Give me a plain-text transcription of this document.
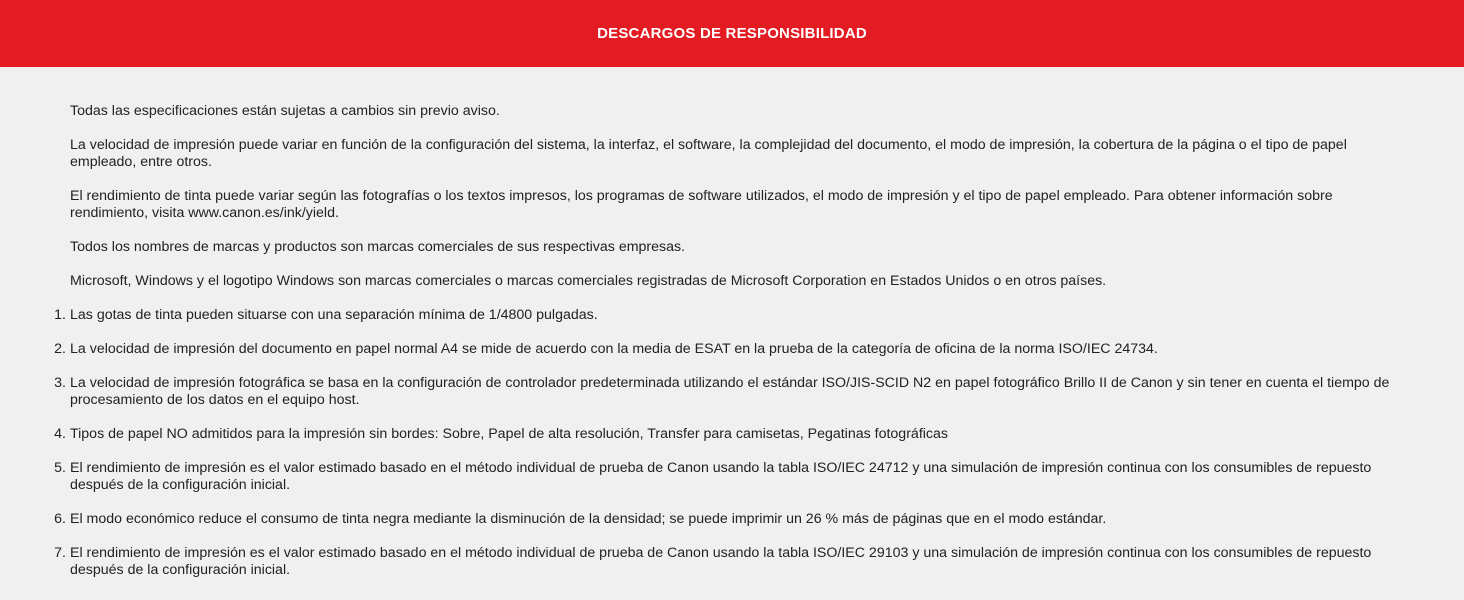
DESCARGOS DE RESPONSIBILIDAD

Todas las especificaciones están sujetas a cambios sin previo aviso.

La velocidad de impresión puede variar en función de la configuración del sistema, la interfaz, el software, la complejidad del documento, el modo de impresión, la cobertura de la página o el tipo de papel empleado, entre otros.

El rendimiento de tinta puede variar según las fotografías o los textos impresos, los programas de software utilizados, el modo de impresión y el tipo de papel empleado. Para obtener información sobre rendimiento, visita www.canon.es/ink/yield.

Todos los nombres de marcas y productos son marcas comerciales de sus respectivas empresas.

Microsoft, Windows y el logotipo Windows son marcas comerciales o marcas comerciales registradas de Microsoft Corporation en Estados Unidos o en otros países.

1. Las gotas de tinta pueden situarse con una separación mínima de 1/4800 pulgadas.
2. La velocidad de impresión del documento en papel normal A4 se mide de acuerdo con la media de ESAT en la prueba de la categoría de oficina de la norma ISO/IEC 24734.
3. La velocidad de impresión fotográfica se basa en la configuración de controlador predeterminada utilizando el estándar ISO/JIS-SCID N2 en papel fotográfico Brillo II de Canon y sin tener en cuenta el tiempo de procesamiento de los datos en el equipo host.
4. Tipos de papel NO admitidos para la impresión sin bordes: Sobre, Papel de alta resolución, Transfer para camisetas, Pegatinas fotográficas
5. El rendimiento de impresión es el valor estimado basado en el método individual de prueba de Canon usando la tabla ISO/IEC 24712 y una simulación de impresión continua con los consumibles de repuesto después de la configuración inicial.
6. El modo económico reduce el consumo de tinta negra mediante la disminución de la densidad; se puede imprimir un 26 % más de páginas que en el modo estándar.
7. El rendimiento de impresión es el valor estimado basado en el método individual de prueba de Canon usando la tabla ISO/IEC 29103 y una simulación de impresión continua con los consumibles de repuesto después de la configuración inicial.
